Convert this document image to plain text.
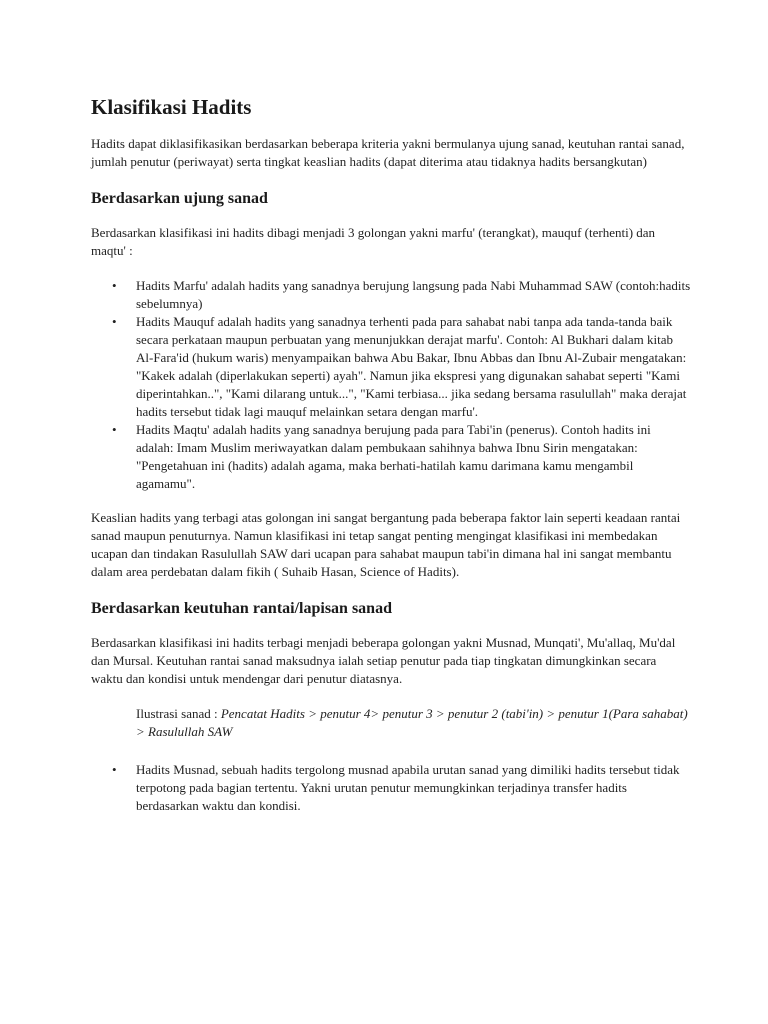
Klasifikasi Hadits

Hadits dapat diklasifikasikan berdasarkan beberapa kriteria yakni bermulanya ujung sanad, keutuhan rantai sanad, jumlah penutur (periwayat) serta tingkat keaslian hadits (dapat diterima atau tidaknya hadits bersangkutan)

Berdasarkan ujung sanad

Berdasarkan klasifikasi ini hadits dibagi menjadi 3 golongan yakni marfu' (terangkat), mauquf (terhenti) dan maqtu' :

• Hadits Marfu' adalah hadits yang sanadnya berujung langsung pada Nabi Muhammad SAW (contoh:hadits sebelumnya)
• Hadits Mauquf adalah hadits yang sanadnya terhenti pada para sahabat nabi tanpa ada tanda-tanda baik secara perkataan maupun perbuatan yang menunjukkan derajat marfu'. Contoh: Al Bukhari dalam kitab Al-Fara'id (hukum waris) menyampaikan bahwa Abu Bakar, Ibnu Abbas dan Ibnu Al-Zubair mengatakan: "Kakek adalah (diperlakukan seperti) ayah". Namun jika ekspresi yang digunakan sahabat seperti "Kami diperintahkan..", "Kami dilarang untuk...", "Kami terbiasa... jika sedang bersama rasulullah" maka derajat hadits tersebut tidak lagi mauquf melainkan setara dengan marfu'.
• Hadits Maqtu' adalah hadits yang sanadnya berujung pada para Tabi'in (penerus). Contoh hadits ini adalah: Imam Muslim meriwayatkan dalam pembukaan sahihnya bahwa Ibnu Sirin mengatakan: "Pengetahuan ini (hadits) adalah agama, maka berhati-hatilah kamu darimana kamu mengambil agamamu".

Keaslian hadits yang terbagi atas golongan ini sangat bergantung pada beberapa faktor lain seperti keadaan rantai sanad maupun penuturnya. Namun klasifikasi ini tetap sangat penting mengingat klasifikasi ini membedakan ucapan dan tindakan Rasulullah SAW dari ucapan para sahabat maupun tabi'in dimana hal ini sangat membantu dalam area perdebatan dalam fikih ( Suhaib Hasan, Science of Hadits).

Berdasarkan keutuhan rantai/lapisan sanad

Berdasarkan klasifikasi ini hadits terbagi menjadi beberapa golongan yakni Musnad, Munqati', Mu'allaq, Mu'dal dan Mursal. Keutuhan rantai sanad maksudnya ialah setiap penutur pada tiap tingkatan dimungkinkan secara waktu dan kondisi untuk mendengar dari penutur diatasnya.

Ilustrasi sanad : Pencatat Hadits > penutur 4> penutur 3 > penutur 2 (tabi'in) > penutur 1(Para sahabat) > Rasulullah SAW

• Hadits Musnad, sebuah hadits tergolong musnad apabila urutan sanad yang dimiliki hadits tersebut tidak terpotong pada bagian tertentu. Yakni urutan penutur memungkinkan terjadinya transfer hadits berdasarkan waktu dan kondisi.
